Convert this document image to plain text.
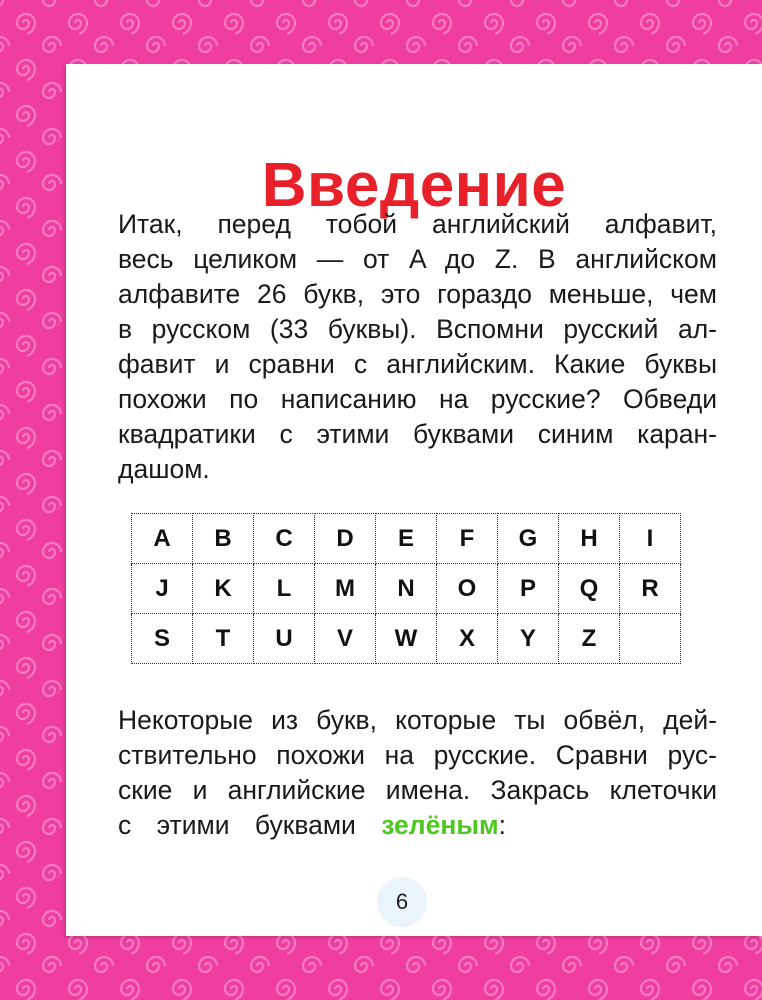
Введение
Итак, перед тобой английский алфавит,
весь целиком — от A до Z. В английском
алфавите 26 букв, это гораздо меньше, чем
в русском (33 буквы). Вспомни русский ал-
фавит и сравни с английским. Какие буквы
похожи по написанию на русские? Обведи
квадратики с этими буквами синим каран-
дашом.
A	B	C	D	E	F	G	H	I
J	K	L	M	N	O	P	Q	R
S	T	U	V	W	X	Y	Z	
Некоторые из букв, которые ты обвёл, дей-
ствительно похожи на русские. Сравни рус-
ские и английские имена. Закрась клеточки
с этими буквами зелёным:
6
